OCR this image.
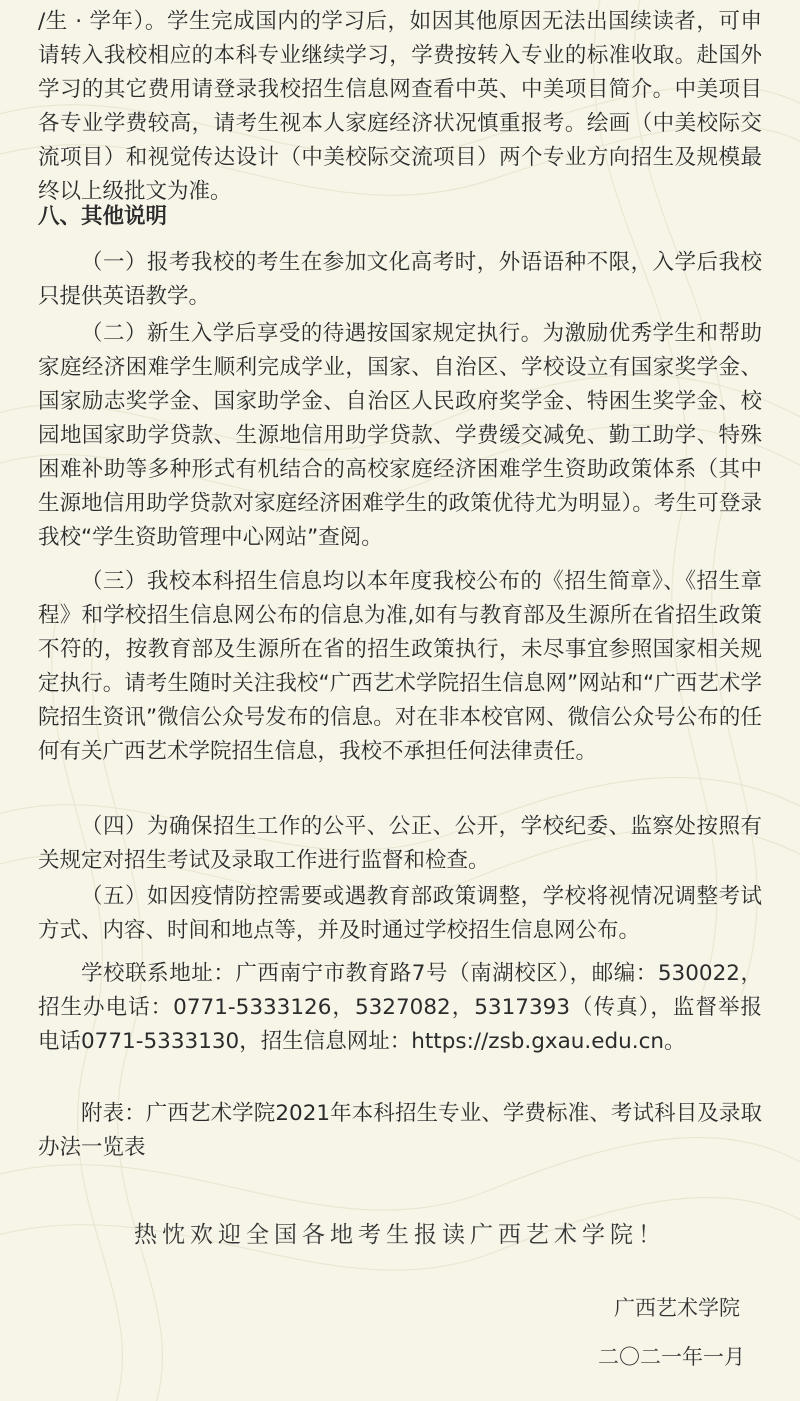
/生 · 学年）。学生完成国内的学习后，如因其他原因无法出国续读者，可申请转入我校相应的本科专业继续学习，学费按转入专业的标准收取。赴国外学习的其它费用请登录我校招生信息网查看中英、中美项目简介。中美项目各专业学费较高，请考生视本人家庭经济状况慎重报考。绘画（中美校际交流项目）和视觉传达设计（中美校际交流项目）两个专业方向招生及规模最终以上级批文为准。

八、其他说明

（一）报考我校的考生在参加文化高考时，外语语种不限，入学后我校只提供英语教学。

（二）新生入学后享受的待遇按国家规定执行。为激励优秀学生和帮助家庭经济困难学生顺利完成学业，国家、自治区、学校设立有国家奖学金、国家励志奖学金、国家助学金、自治区人民政府奖学金、特困生奖学金、校园地国家助学贷款、生源地信用助学贷款、学费缓交减免、勤工助学、特殊困难补助等多种形式有机结合的高校家庭经济困难学生资助政策体系（其中生源地信用助学贷款对家庭经济困难学生的政策优待尤为明显）。考生可登录我校“学生资助管理中心网站”查阅。

（三）我校本科招生信息均以本年度我校公布的《招生简章》、《招生章程》和学校招生信息网公布的信息为准,如有与教育部及生源所在省招生政策不符的，按教育部及生源所在省的招生政策执行，未尽事宜参照国家相关规定执行。请考生随时关注我校“广西艺术学院招生信息网”网站和“广西艺术学院招生资讯”微信公众号发布的信息。对在非本校官网、微信公众号公布的任何有关广西艺术学院招生信息，我校不承担任何法律责任。

（四）为确保招生工作的公平、公正、公开，学校纪委、监察处按照有关规定对招生考试及录取工作进行监督和检查。

（五）如因疫情防控需要或遇教育部政策调整，学校将视情况调整考试方式、内容、时间和地点等，并及时通过学校招生信息网公布。

学校联系地址：广西南宁市教育路7号（南湖校区），邮编：530022，招生办电话：0771-5333126，5327082，5317393（传真），监督举报电话0771-5333130，招生信息网址：https://zsb.gxau.edu.cn。

附表：广西艺术学院2021年本科招生专业、学费标准、考试科目及录取办法一览表

热忱欢迎全国各地考生报读广西艺术学院！
广西艺术学院
二〇二一年一月
